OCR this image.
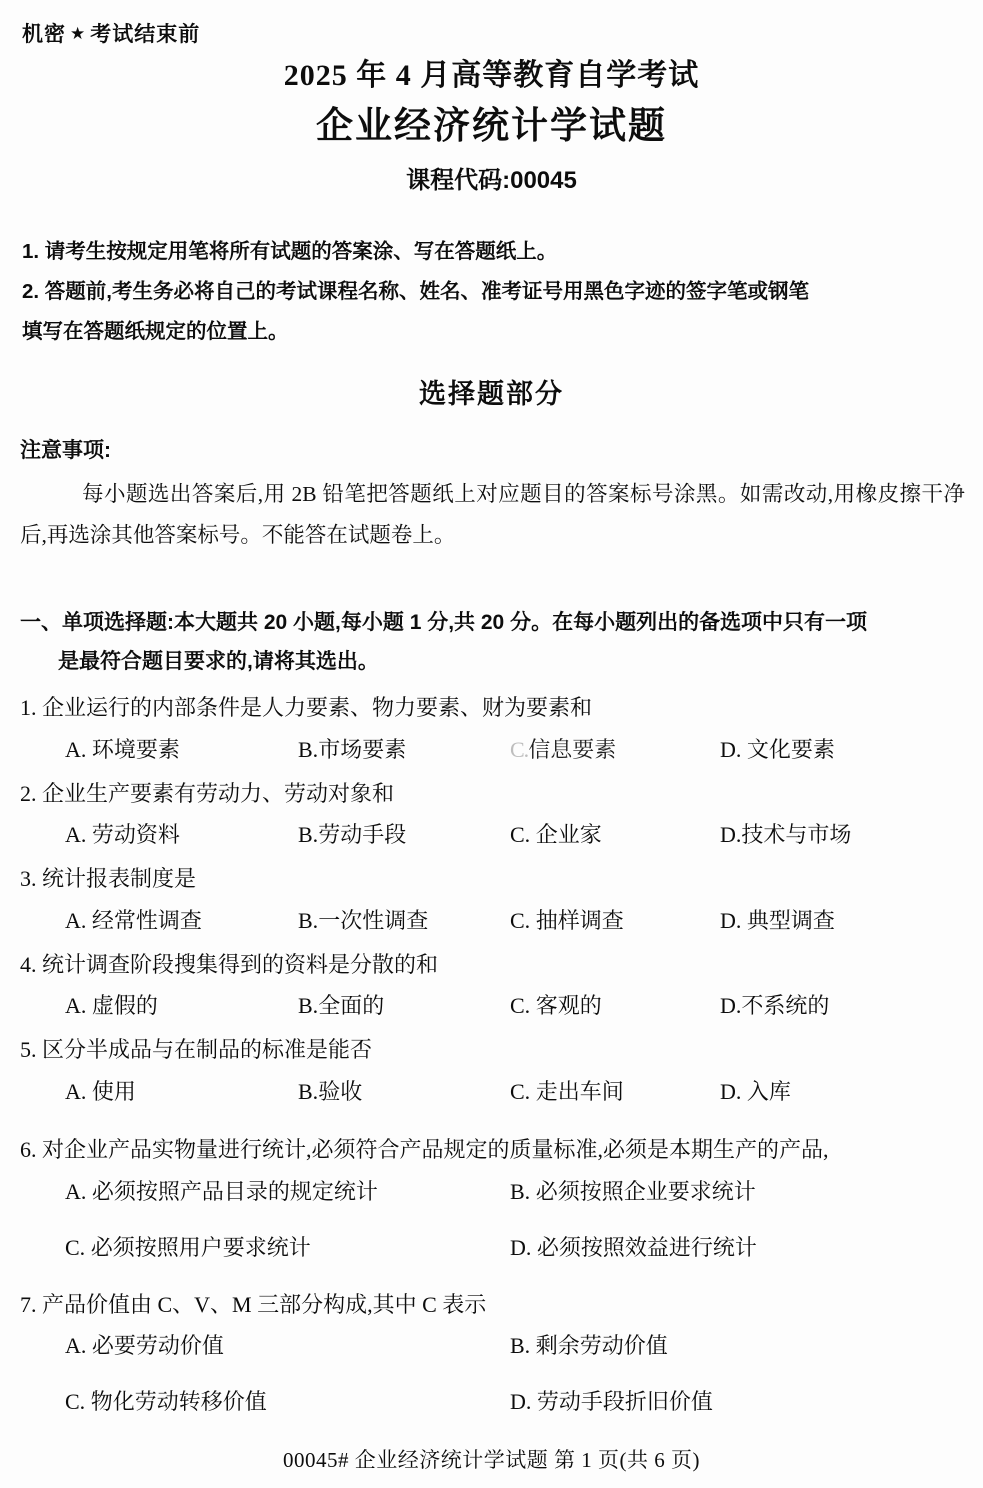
机密 ★ 考试结束前
2025 年 4 月高等教育自学考试
企业经济统计学试题
课程代码:00045

1. 请考生按规定用笔将所有试题的答案涂、写在答题纸上。

2. 答题前,考生务必将自己的考试课程名称、姓名、准考证号用黑色字迹的签字笔或钢笔

填写在答题纸规定的位置上。

选择题部分
注意事项:
每小题选出答案后,用 2B 铅笔把答题纸上对应题目的答案标号涂黑。如需改动,用橡皮擦干净后,再选涂其他答案标号。不能答在试题卷上。
一、单项选择题:本大题共 20 小题,每小题 1 分,共 20 分。在每小题列出的备选项中只有一项
是最符合题目要求的,请将其选出。
1. 企业运行的内部条件是人力要素、物力要素、财为要素和
A. 环境要素	B.市场要素	C.信息要素	D. 文化要素
2. 企业生产要素有劳动力、劳动对象和
A. 劳动资料	B.劳动手段	C. 企业家	D.技术与市场
3. 统计报表制度是
A. 经常性调查	B.一次性调查	C. 抽样调查	D. 典型调查
4. 统计调查阶段搜集得到的资料是分散的和
A. 虚假的	B.全面的	C. 客观的	D.不系统的
5. 区分半成品与在制品的标准是能否
A. 使用	B.验收	C. 走出车间	D. 入库
6. 对企业产品实物量进行统计,必须符合产品规定的质量标准,必须是本期生产的产品,
A. 必须按照产品目录的规定统计	B. 必须按照企业要求统计
C. 必须按照用户要求统计	D. 必须按照效益进行统计
7. 产品价值由 C、V、M 三部分构成,其中 C 表示
A. 必要劳动价值	B. 剩余劳动价值
C. 物化劳动转移价值	D. 劳动手段折旧价值
00045# 企业经济统计学试题 第 1 页(共 6 页)
